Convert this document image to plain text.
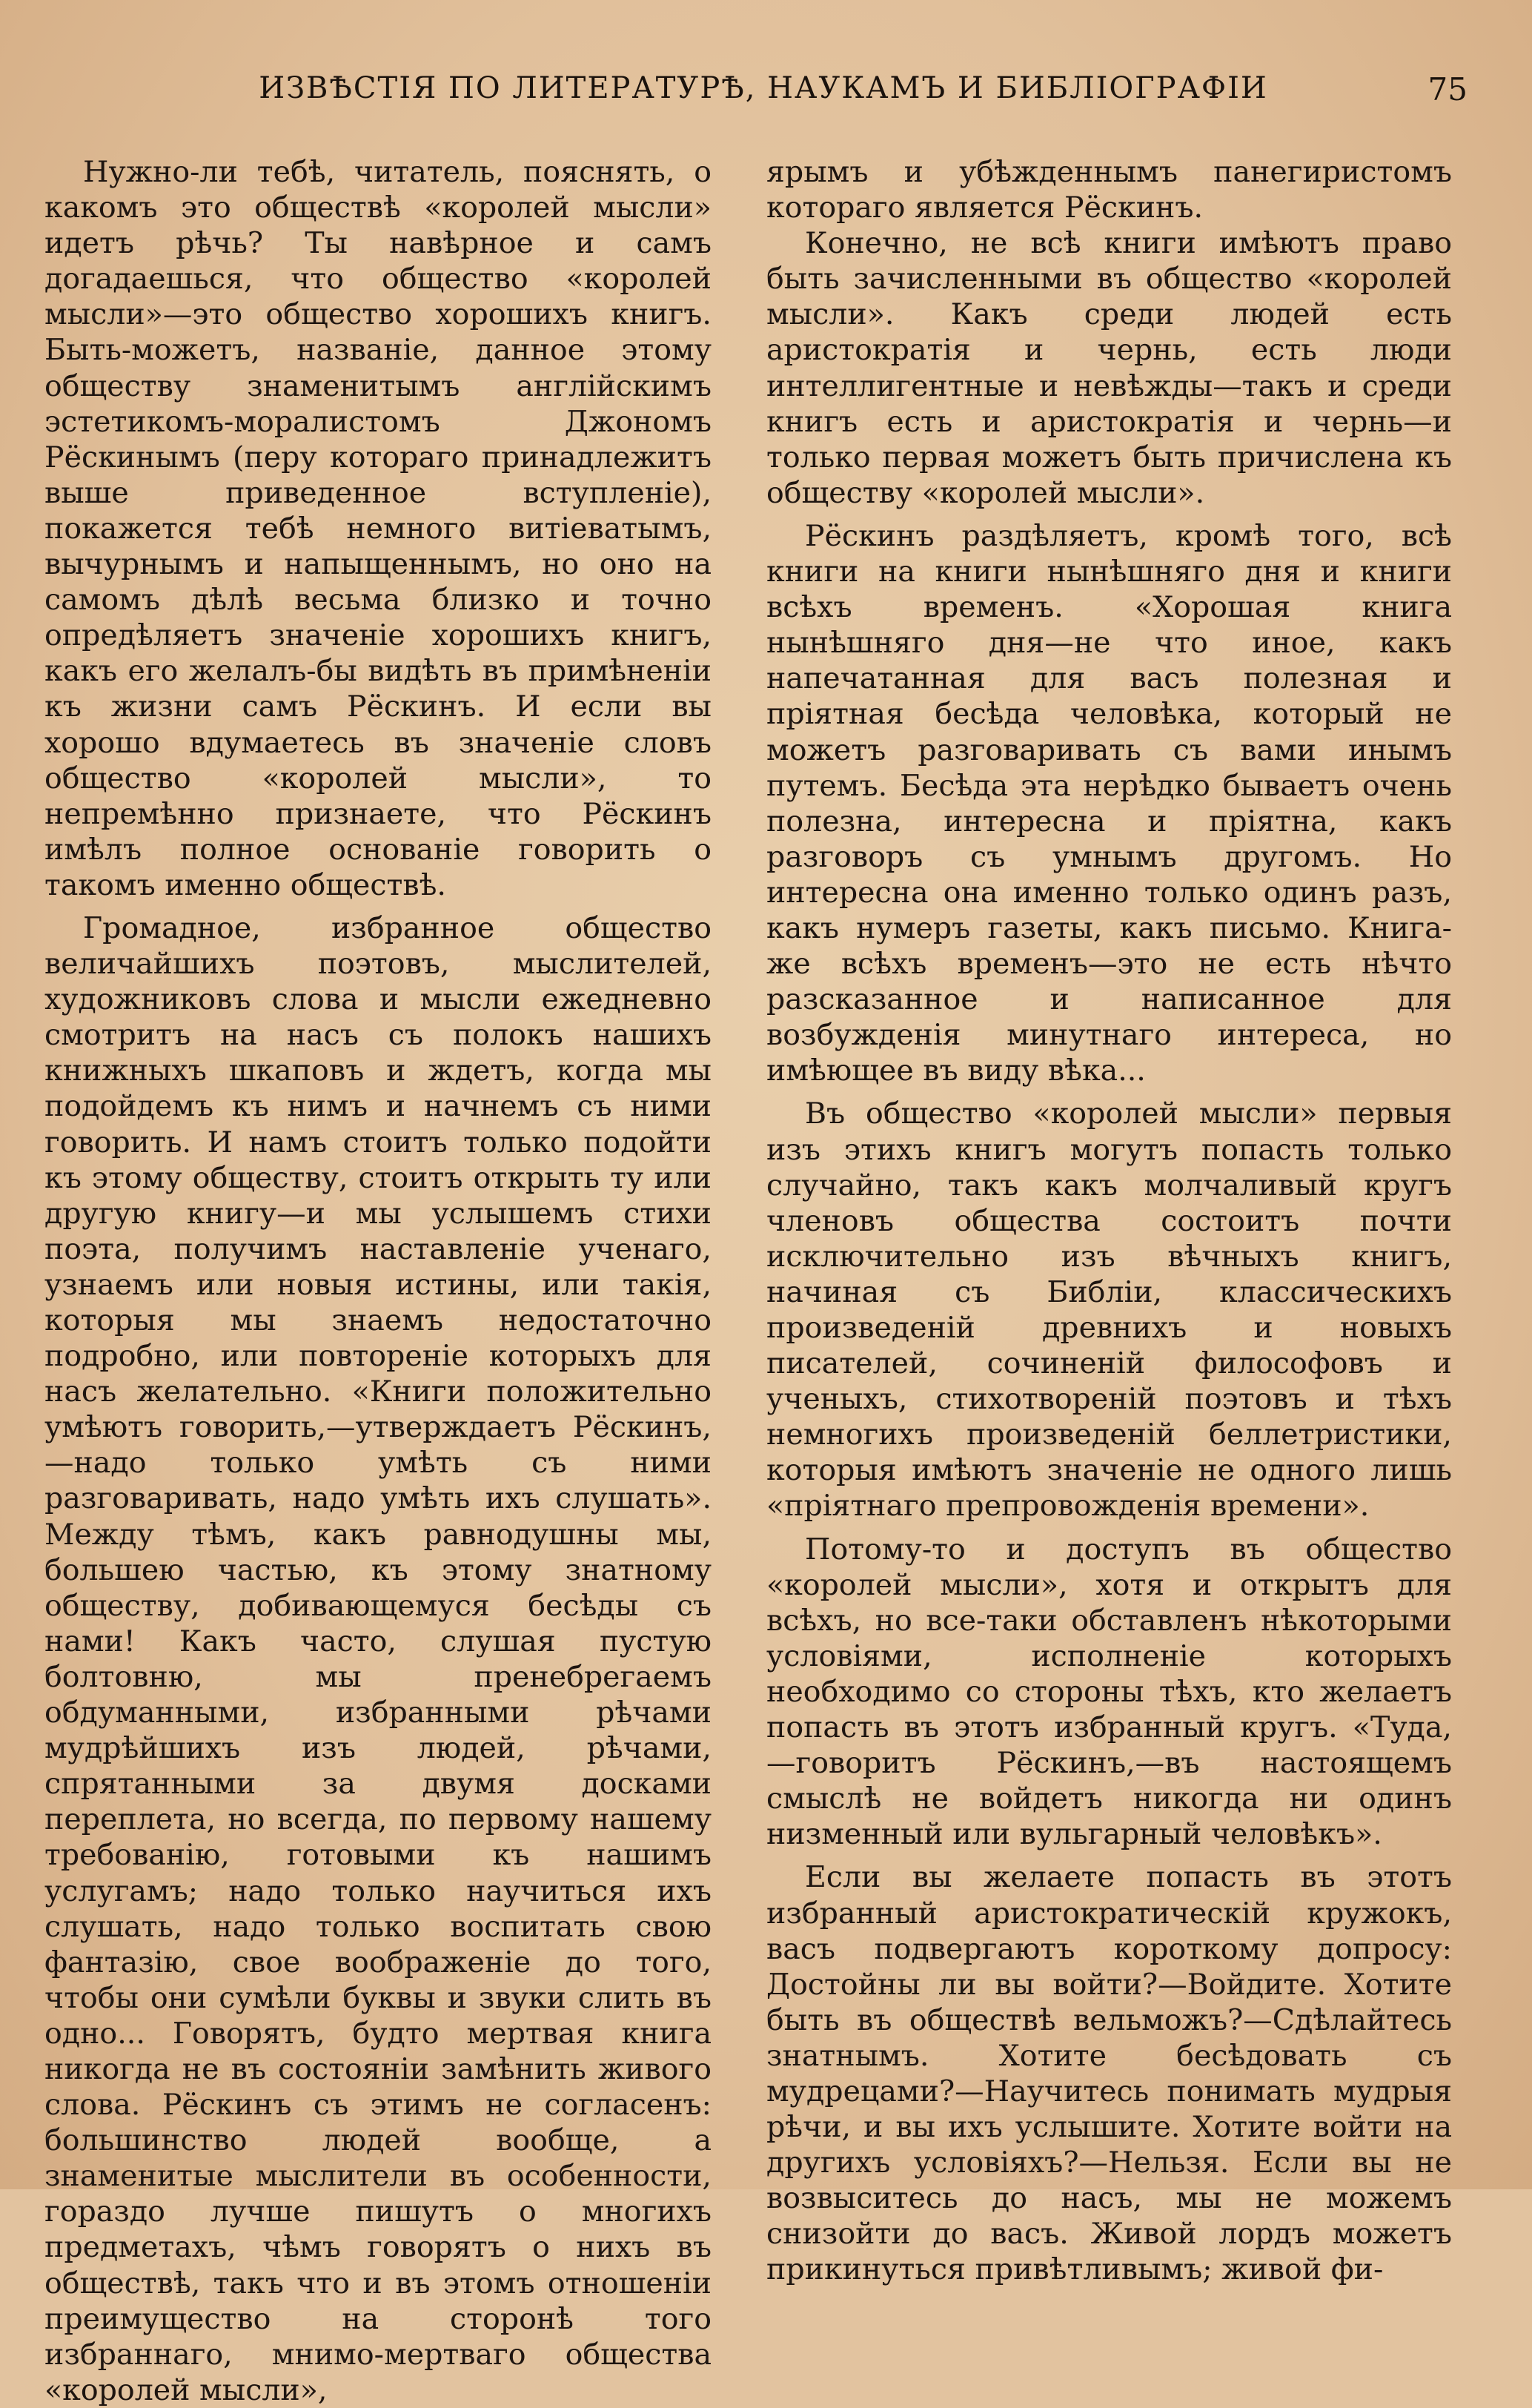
ИЗВѢСТІЯ ПО ЛИТЕРАТУРѢ, НАУКАМЪ И БИБЛІОГРАФІИ	75

Нужно-ли тебѣ, читатель, пояснять, о какомъ это обществѣ «королей мысли» идетъ рѣчь? Ты навѣрное и самъ догадаешься, что общество «королей мысли»—это общество хорошихъ книгъ. Быть-можетъ, названіе, данное этому обществу знаменитымъ англійскимъ эстетикомъ-моралистомъ Джономъ Рёскинымъ (перу котораго принадлежитъ выше приведенное вступленіе), покажется тебѣ немного витіеватымъ, вычурнымъ и напыщеннымъ, но оно на самомъ дѣлѣ весьма близко и точно опредѣляетъ значеніе хорошихъ книгъ, какъ его желалъ-бы видѣть въ примѣненіи къ жизни самъ Рёскинъ. И если вы хорошо вдумаетесь въ значеніе словъ общество «королей мысли», то непремѣнно признаете, что Рёскинъ имѣлъ полное основаніе говорить о такомъ именно обществѣ.

Громадное, избранное общество величайшихъ поэтовъ, мыслителей, художниковъ слова и мысли ежедневно смотритъ на насъ съ полокъ нашихъ книжныхъ шкаповъ и ждетъ, когда мы подойдемъ къ нимъ и начнемъ съ ними говорить. И намъ стоитъ только подойти къ этому обществу, стоитъ открыть ту или другую книгу—и мы услышемъ стихи поэта, получимъ наставленіе ученаго, узнаемъ или новыя истины, или такія, которыя мы знаемъ недостаточно подробно, или повтореніе которыхъ для насъ желательно. «Книги положительно умѣютъ говорить,—утверждаетъ Рёскинъ,—надо только умѣть съ ними разговаривать, надо умѣть ихъ слушать». Между тѣмъ, какъ равнодушны мы, большею частью, къ этому знатному обществу, добивающемуся бесѣды съ нами! Какъ часто, слушая пустую болтовню, мы пренебрегаемъ обдуманными, избранными рѣчами мудрѣйшихъ изъ людей, рѣчами, спрятанными за двумя досками переплета, но всегда, по первому нашему требованію, готовыми къ нашимъ услугамъ; надо только научиться ихъ слушать, надо только воспитать свою фантазію, свое воображеніе до того, чтобы они сумѣли буквы и звуки слить въ одно... Говорятъ, будто мертвая книга никогда не въ состояніи замѣнить живого слова. Рёскинъ съ этимъ не согласенъ: большинство людей вообще, а знаменитые мыслители въ особенности, гораздо лучше пишутъ о многихъ предметахъ, чѣмъ говорятъ о нихъ въ обществѣ, такъ что и въ этомъ отношеніи преимущество на сторонѣ того избраннаго, мнимо-мертваго общества «королей мысли»,

ярымъ и убѣжденнымъ панегиристомъ котораго является Рёскинъ.

Конечно, не всѣ книги имѣютъ право быть зачисленными въ общество «королей мысли». Какъ среди людей есть аристократія и чернь, есть люди интеллигентные и невѣжды—такъ и среди книгъ есть и аристократія и чернь—и только первая можетъ быть причислена къ обществу «королей мысли».

Рёскинъ раздѣляетъ, кромѣ того, всѣ книги на книги нынѣшняго дня и книги всѣхъ временъ. «Хорошая книга нынѣшняго дня—не что иное, какъ напечатанная для васъ полезная и пріятная бесѣда человѣка, который не можетъ разговаривать съ вами инымъ путемъ. Бесѣда эта нерѣдко бываетъ очень полезна, интересна и пріятна, какъ разговоръ съ умнымъ другомъ. Но интересна она именно только одинъ разъ, какъ нумеръ газеты, какъ письмо. Книга-же всѣхъ временъ—это не есть нѣчто разсказанное и написанное для возбужденія минутнаго интереса, но имѣющее въ виду вѣка...

Въ общество «королей мысли» первыя изъ этихъ книгъ могутъ попасть только случайно, такъ какъ молчаливый кругъ членовъ общества состоитъ почти исключительно изъ вѣчныхъ книгъ, начиная съ Библіи, классическихъ произведеній древнихъ и новыхъ писателей, сочиненій философовъ и ученыхъ, стихотвореній поэтовъ и тѣхъ немногихъ произведеній беллетристики, которыя имѣютъ значеніе не одного лишь «пріятнаго препровожденія времени».

Потому-то и доступъ въ общество «королей мысли», хотя и открытъ для всѣхъ, но все-таки обставленъ нѣкоторыми условіями, исполненіе которыхъ необходимо со стороны тѣхъ, кто желаетъ попасть въ этотъ избранный кругъ. «Туда,—говоритъ Рёскинъ,—въ настоящемъ смыслѣ не войдетъ никогда ни одинъ низменный или вульгарный человѣкъ».

Если вы желаете попасть въ этотъ избранный аристократическій кружокъ, васъ подвергаютъ короткому допросу: Достойны ли вы войти?—Войдите. Хотите быть въ обществѣ вельможъ?—Сдѣлайтесь знатнымъ. Хотите бесѣдовать съ мудрецами?—Научитесь понимать мудрыя рѣчи, и вы ихъ услышите. Хотите войти на другихъ условіяхъ?—Нельзя. Если вы не возвыситесь до насъ, мы не можемъ снизойти до васъ. Живой лордъ можетъ прикинуться привѣтливымъ; живой фи-
